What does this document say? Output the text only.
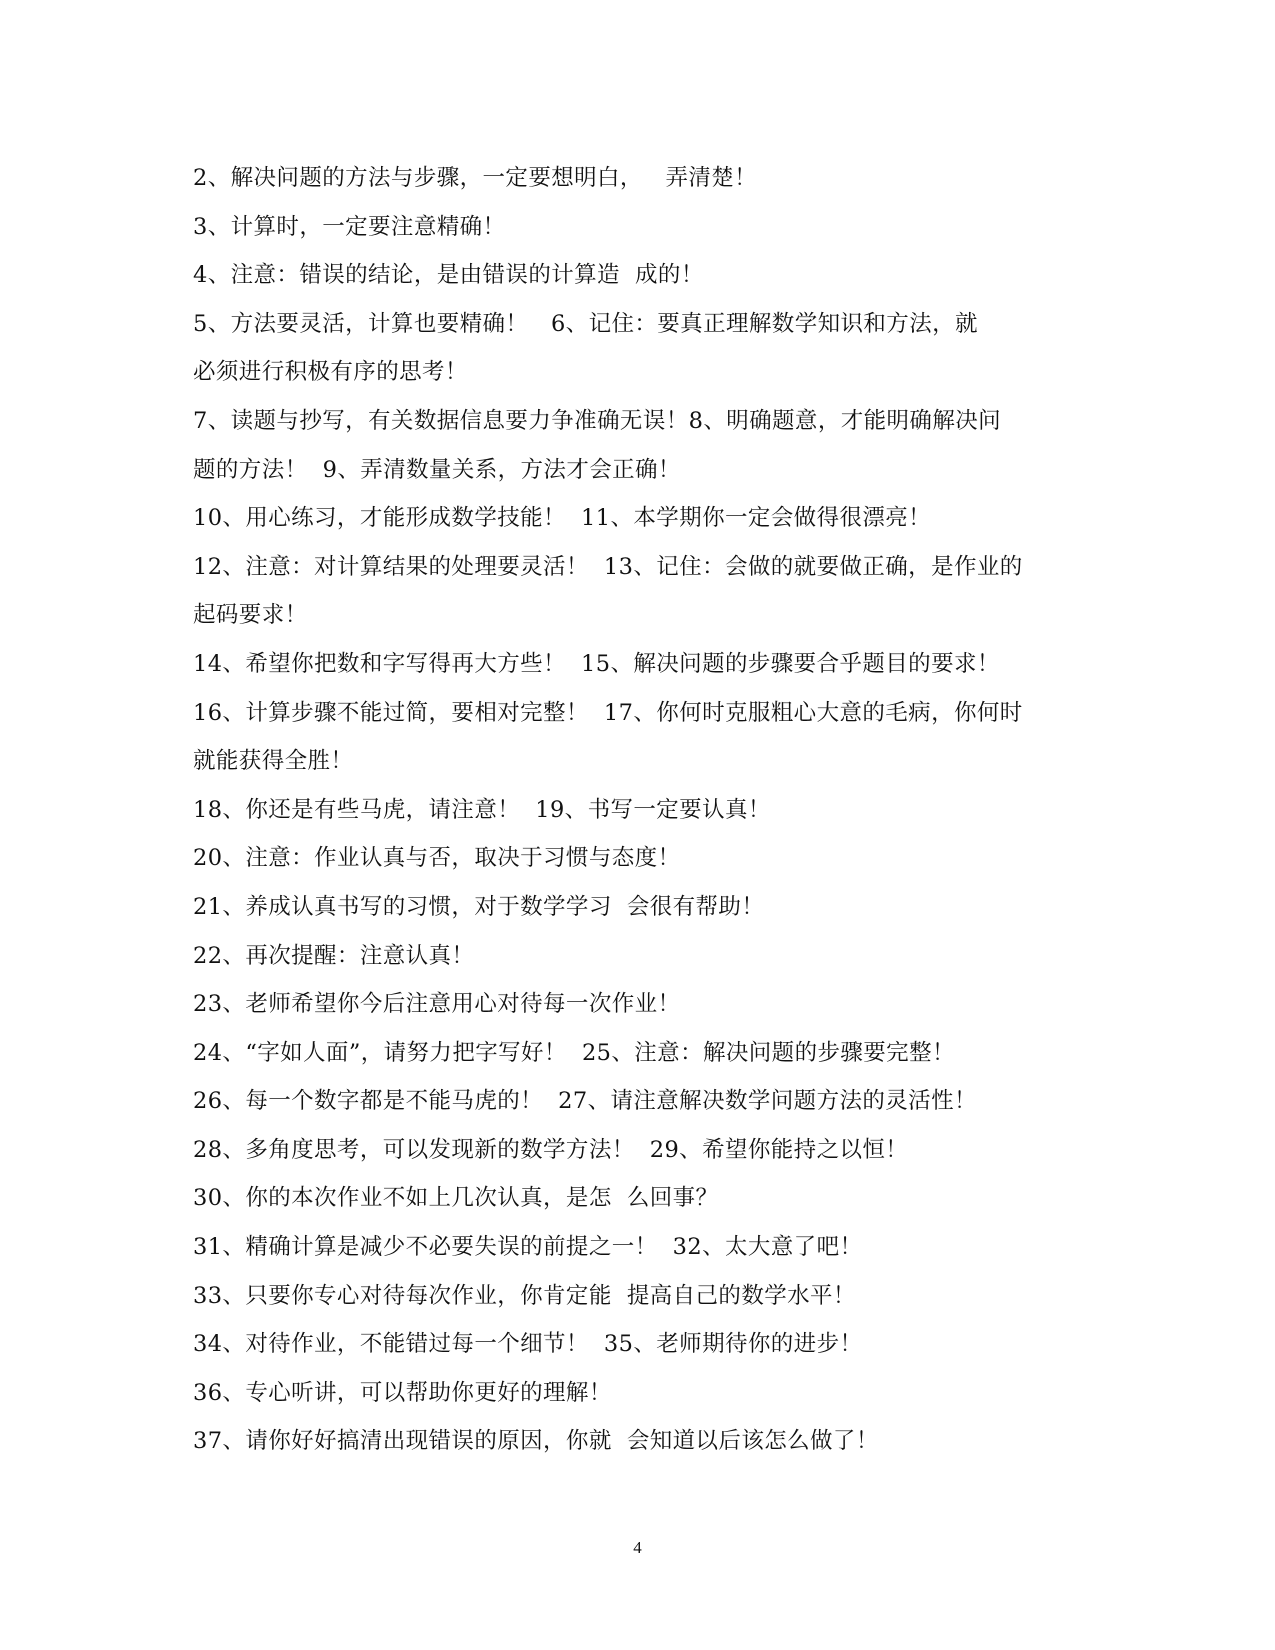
2、解决问题的方法与步骤，一定要想明白，   弄清楚！
3、计算时，一定要注意精确！
4、注意：错误的结论，是由错误的计算造  成的！
5、方法要灵活，计算也要精确！   6、记住：要真正理解数学知识和方法，就
必须进行积极有序的思考！
7、读题与抄写，有关数据信息要力争准确无误！8、明确题意，才能明确解决问
题的方法！  9、弄清数量关系，方法才会正确！
10、用心练习，才能形成数学技能！  11、本学期你一定会做得很漂亮！
12、注意：对计算结果的处理要灵活！  13、记住：会做的就要做正确，是作业的
起码要求！
14、希望你把数和字写得再大方些！  15、解决问题的步骤要合乎题目的要求！
16、计算步骤不能过简，要相对完整！  17、你何时克服粗心大意的毛病，你何时
就能获得全胜！
18、你还是有些马虎，请注意！  19、书写一定要认真！
20、注意：作业认真与否，取决于习惯与态度！
21、养成认真书写的习惯，对于数学学习  会很有帮助！
22、再次提醒：注意认真！
23、老师希望你今后注意用心对待每一次作业！
24、“字如人面”，请努力把字写好！  25、注意：解决问题的步骤要完整！
26、每一个数字都是不能马虎的！  27、请注意解决数学问题方法的灵活性！
28、多角度思考，可以发现新的数学方法！  29、希望你能持之以恒！
30、你的本次作业不如上几次认真，是怎  么回事？
31、精确计算是减少不必要失误的前提之一！  32、太大意了吧！
33、只要你专心对待每次作业，你肯定能  提高自己的数学水平！
34、对待作业，不能错过每一个细节！  35、老师期待你的进步！
36、专心听讲，可以帮助你更好的理解！
37、请你好好搞清出现错误的原因，你就  会知道以后该怎么做了！
4
